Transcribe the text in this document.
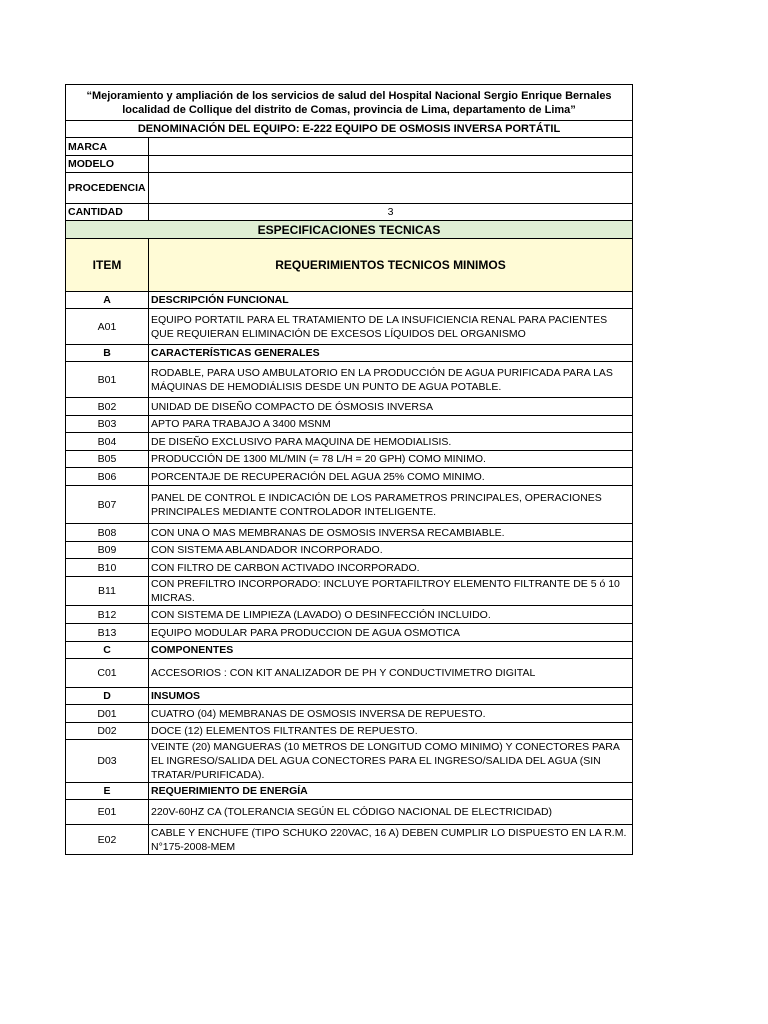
“Mejoramiento y ampliación de los servicios de salud del Hospital Nacional Sergio Enrique Bernales localidad de Collique del distrito de Comas, provincia de Lima, departamento de Lima”	
DENOMINACIÓN DEL EQUIPO: E-222 EQUIPO DE OSMOSIS INVERSA PORTÁTIL	
MARCA	
MODELO	
PROCEDENCIA	
CANTIDAD	3
ESPECIFICACIONES TECNICAS	
ITEM	REQUERIMIENTOS TECNICOS MINIMOS
A	DESCRIPCIÓN FUNCIONAL
A01	EQUIPO PORTATIL PARA EL TRATAMIENTO DE LA INSUFICIENCIA RENAL PARA PACIENTES QUE REQUIERAN ELIMINACIÓN DE EXCESOS LÍQUIDOS DEL ORGANISMO
B	CARACTERÍSTICAS GENERALES
B01	RODABLE, PARA USO AMBULATORIO EN LA PRODUCCIÓN DE AGUA PURIFICADA PARA LAS MÁQUINAS DE HEMODIÁLISIS DESDE UN PUNTO DE AGUA POTABLE.
B02	UNIDAD DE DISEÑO COMPACTO DE ÓSMOSIS INVERSA
B03	APTO PARA TRABAJO A 3400 MSNM
B04	DE DISEÑO EXCLUSIVO PARA MAQUINA DE HEMODIALISIS.
B05	PRODUCCIÓN DE 1300 ML/MIN (= 78 L/H = 20 GPH) COMO MINIMO.
B06	PORCENTAJE DE RECUPERACIÓN DEL AGUA 25% COMO MINIMO.
B07	PANEL DE CONTROL E INDICACIÓN DE LOS PARAMETROS PRINCIPALES, OPERACIONES PRINCIPALES MEDIANTE CONTROLADOR INTELIGENTE.
B08	CON UNA O MAS MEMBRANAS DE OSMOSIS INVERSA RECAMBIABLE.
B09	CON SISTEMA ABLANDADOR INCORPORADO.
B10	CON FILTRO DE CARBON ACTIVADO INCORPORADO.
B11	CON PREFILTRO INCORPORADO: INCLUYE PORTAFILTROY ELEMENTO FILTRANTE DE 5 ó 10 MICRAS.
B12	CON SISTEMA DE LIMPIEZA (LAVADO) O DESINFECCIÓN INCLUIDO.
B13	EQUIPO MODULAR PARA PRODUCCION DE AGUA OSMOTICA
C	COMPONENTES
C01	ACCESORIOS : CON KIT ANALIZADOR DE PH Y CONDUCTIVIMETRO DIGITAL
D	INSUMOS
D01	CUATRO (04) MEMBRANAS DE OSMOSIS INVERSA DE REPUESTO.
D02	DOCE (12) ELEMENTOS FILTRANTES DE REPUESTO.
D03	VEINTE (20) MANGUERAS (10 METROS DE LONGITUD COMO MINIMO) Y CONECTORES PARA EL INGRESO/SALIDA DEL AGUA CONECTORES PARA EL INGRESO/SALIDA DEL AGUA (SIN TRATAR/PURIFICADA).
E	REQUERIMIENTO DE ENERGÍA
E01	220V-60HZ CA (TOLERANCIA SEGÚN EL CÓDIGO NACIONAL DE ELECTRICIDAD)
E02	CABLE Y ENCHUFE (TIPO SCHUKO 220VAC, 16 A) DEBEN CUMPLIR LO DISPUESTO EN LA R.M. N°175-2008-MEM
